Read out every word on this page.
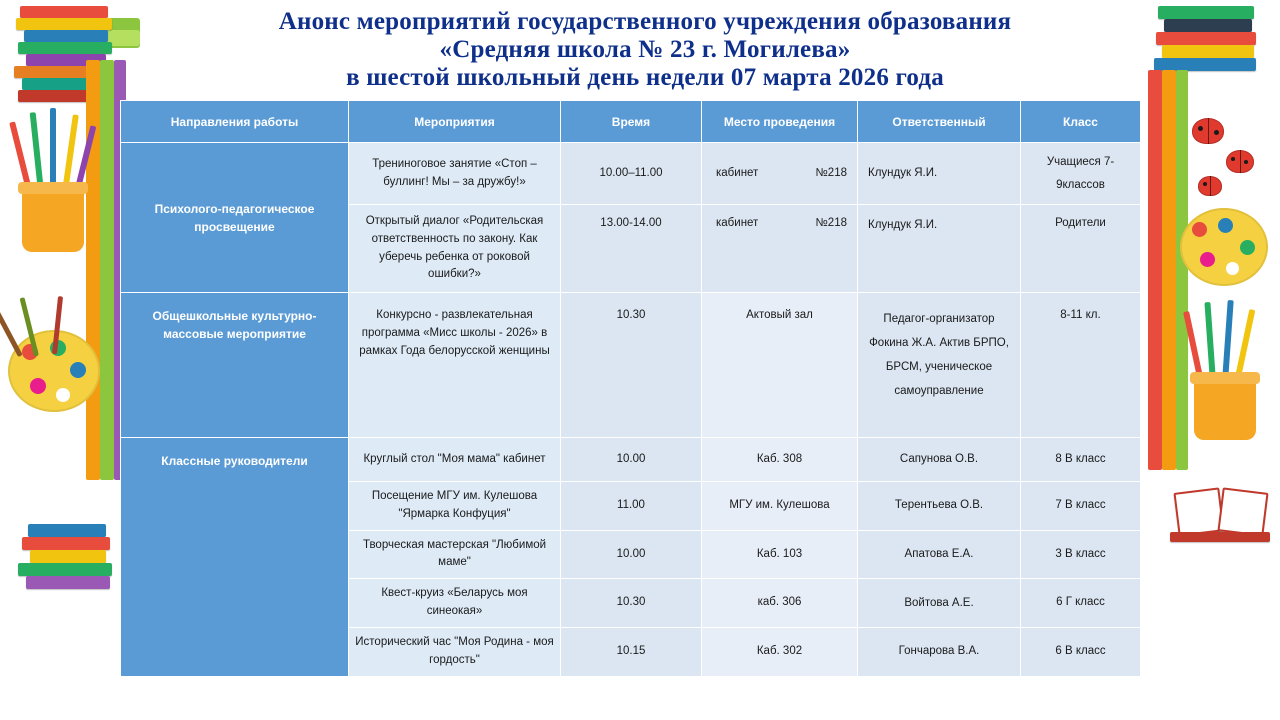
Анонс мероприятий государственного учреждения образования
«Средняя школа № 23 г. Могилева»
в шестой школьный день недели 07 марта 2026 года
Направления работы	Мероприятия	Время	Место проведения	Ответственный	Класс
Психолого-педагогическое просвещение	Трениноговое занятие «Стоп – буллинг! Мы – за дружбу!»	10.00–11.00	кабинет №218	Клундук Я.И.	Учащиеся 7-9классов
	Открытый диалог «Родительская ответственность по закону. Как уберечь ребенка от роковой ошибки?»	13.00-14.00	кабинет №218	Клундук Я.И.	Родители
Общешкольные культурно-массовые мероприятие	Конкурсно - развлекательная программа «Мисс школы - 2026» в рамках Года белорусской женщины	10.30	Актовый зал	Педагог-организатор Фокина Ж.А. Актив БРПО, БРСМ, ученическое самоуправление	8-11 кл.
Классные руководители	Круглый стол "Моя мама" кабинет	10.00	Каб. 308	Сапунова О.В.	8 В класс
	Посещение МГУ им. Кулешова "Ярмарка Конфуция"	11.00	МГУ им. Кулешова	Терентьева О.В.	7 В класс
	Творческая мастерская "Любимой маме"	10.00	Каб. 103	Апатова Е.А.	3 В класс
	Квест-круиз «Беларусь моя синеокая»	10.30	каб. 306	Войтова А.Е.	6 Г класс
	Исторический час "Моя Родина - моя гордость"	10.15	Каб. 302	Гончарова В.А.	6 В класс
